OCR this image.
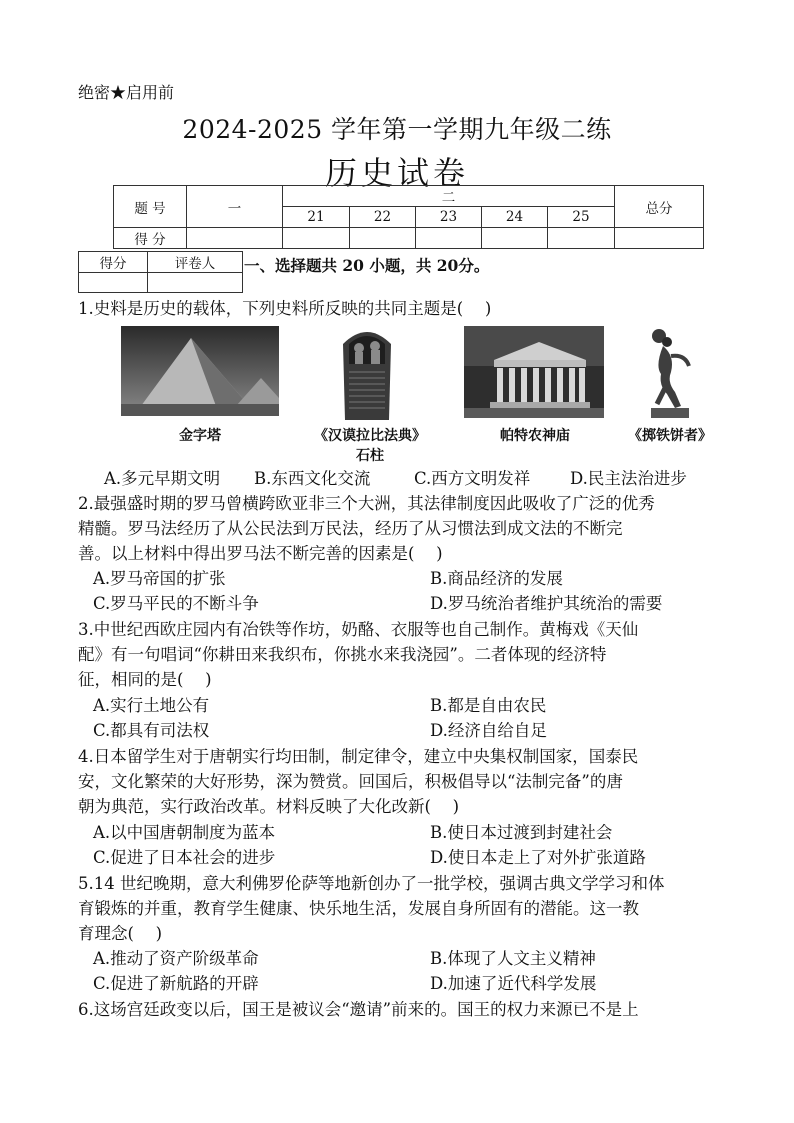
绝密★启用前
2024-2025 学年第一学期九年级二练
历史试卷
题 号	一	二					总分
		21	22	23	24	25	
得 分							
得分	评卷人
	一、选择题共 20 小题，共 20分。
1.史料是历史的载体，下列史料所反映的共同主题是(　 )
金字塔	《汉谟拉比法典》
石柱
帕特农神庙	《掷铁饼者》
A.多元早期文明 B.东西文化交流	C.西方文明发祥 D.民主法治进步
2.最强盛时期的罗马曾横跨欧亚非三个大洲，其法律制度因此吸收了广泛的优秀
精髓。罗马法经历了从公民法到万民法，经历了从习惯法到成文法的不断完
善。以上材料中得出罗马法不断完善的因素是(　 )
A.罗马帝国的扩张	B.商品经济的发展
C.罗马平民的不断斗争	D.罗马统治者维护其统治的需要
3.中世纪西欧庄园内有冶铁等作坊，奶酪、衣服等也自己制作。黄梅戏《天仙
配》有一句唱词“你耕田来我织布，你挑水来我浇园”。二者体现的经济特
征，相同的是(　 )
A.实行土地公有	B.都是自由农民
C.都具有司法权	D.经济自给自足
4.日本留学生对于唐朝实行均田制，制定律令，建立中央集权制国家，国泰民
安，文化繁荣的大好形势，深为赞赏。回国后，积极倡导以“法制完备”的唐
朝为典范，实行政治改革。材料反映了大化改新(　 )
A.以中国唐朝制度为蓝本	B.使日本过渡到封建社会
C.促进了日本社会的进步	D.使日本走上了对外扩张道路
5.14 世纪晚期，意大利佛罗伦萨等地新创办了一批学校，强调古典文学学习和体
育锻炼的并重，教育学生健康、快乐地生活，发展自身所固有的潜能。这一教
育理念(　 )
A.推动了资产阶级革命	B.体现了人文主义精神
C.促进了新航路的开辟	D.加速了近代科学发展
6.这场宫廷政变以后，国王是被议会“邀请”前来的。国王的权力来源已不是上
